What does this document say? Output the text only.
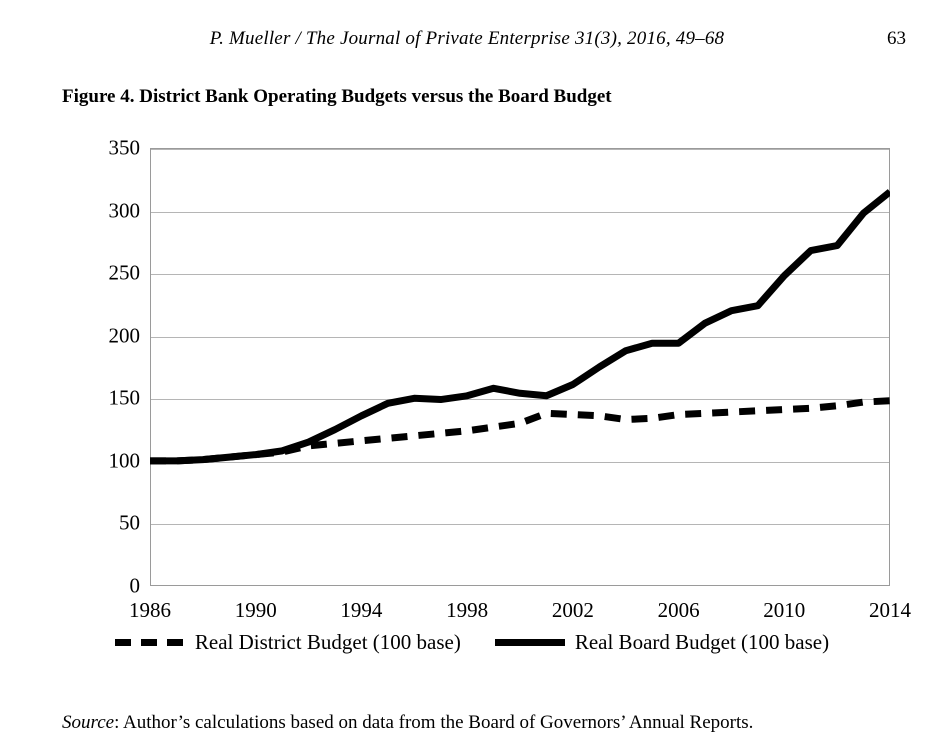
P. Mueller / The Journal of Private Enterprise 31(3), 2016, 49–68	63
Figure 4. District Bank Operating Budgets versus the Board Budget
0
50
100
150
200
250
300
350
1986	1990	1994	1998	2002	2006	2010	2014
Real District Budget (100 base)	Real Board Budget (100 base)
Source: Author’s calculations based on data from the Board of Governors’ Annual Reports.
